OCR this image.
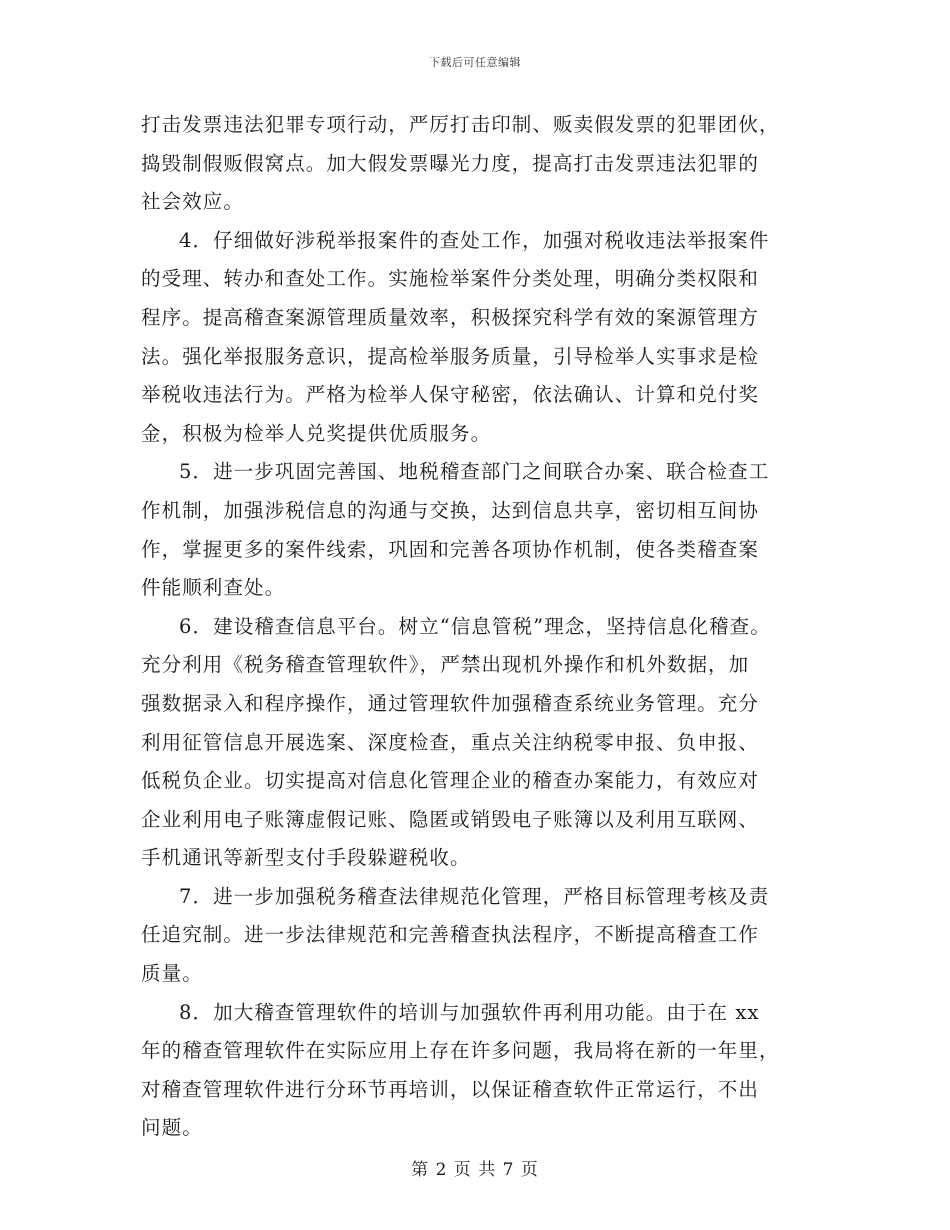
下载后可任意编辑
打击发票违法犯罪专项行动，严厉打击印制、贩卖假发票的犯罪团伙，
捣毁制假贩假窝点。加大假发票曝光力度，提高打击发票违法犯罪的
社会效应。
4．仔细做好涉税举报案件的查处工作，加强对税收违法举报案件
的受理、转办和查处工作。实施检举案件分类处理，明确分类权限和
程序。提高稽查案源管理质量效率，积极探究科学有效的案源管理方
法。强化举报服务意识，提高检举服务质量，引导检举人实事求是检
举税收违法行为。严格为检举人保守秘密，依法确认、计算和兑付奖
金，积极为检举人兑奖提供优质服务。
5．进一步巩固完善国、地税稽查部门之间联合办案、联合检查工
作机制，加强涉税信息的沟通与交换，达到信息共享，密切相互间协
作，掌握更多的案件线索，巩固和完善各项协作机制，使各类稽查案
件能顺利查处。
6．建设稽查信息平台。树立“信息管税”理念，坚持信息化稽查。
充分利用《税务稽查管理软件》，严禁出现机外操作和机外数据，加
强数据录入和程序操作，通过管理软件加强稽查系统业务管理。充分
利用征管信息开展选案、深度检查，重点关注纳税零申报、负申报、
低税负企业。切实提高对信息化管理企业的稽查办案能力，有效应对
企业利用电子账簿虚假记账、隐匿或销毁电子账簿以及利用互联网、
手机通讯等新型支付手段躲避税收。
7．进一步加强税务稽查法律规范化管理，严格目标管理考核及责
任追究制。进一步法律规范和完善稽查执法程序，不断提高稽查工作
质量。
8．加大稽查管理软件的培训与加强软件再利用功能。由于在 xx
年的稽查管理软件在实际应用上存在许多问题，我局将在新的一年里，
对稽查管理软件进行分环节再培训，以保证稽查软件正常运行，不出
问题。
第 2 页 共 7 页
